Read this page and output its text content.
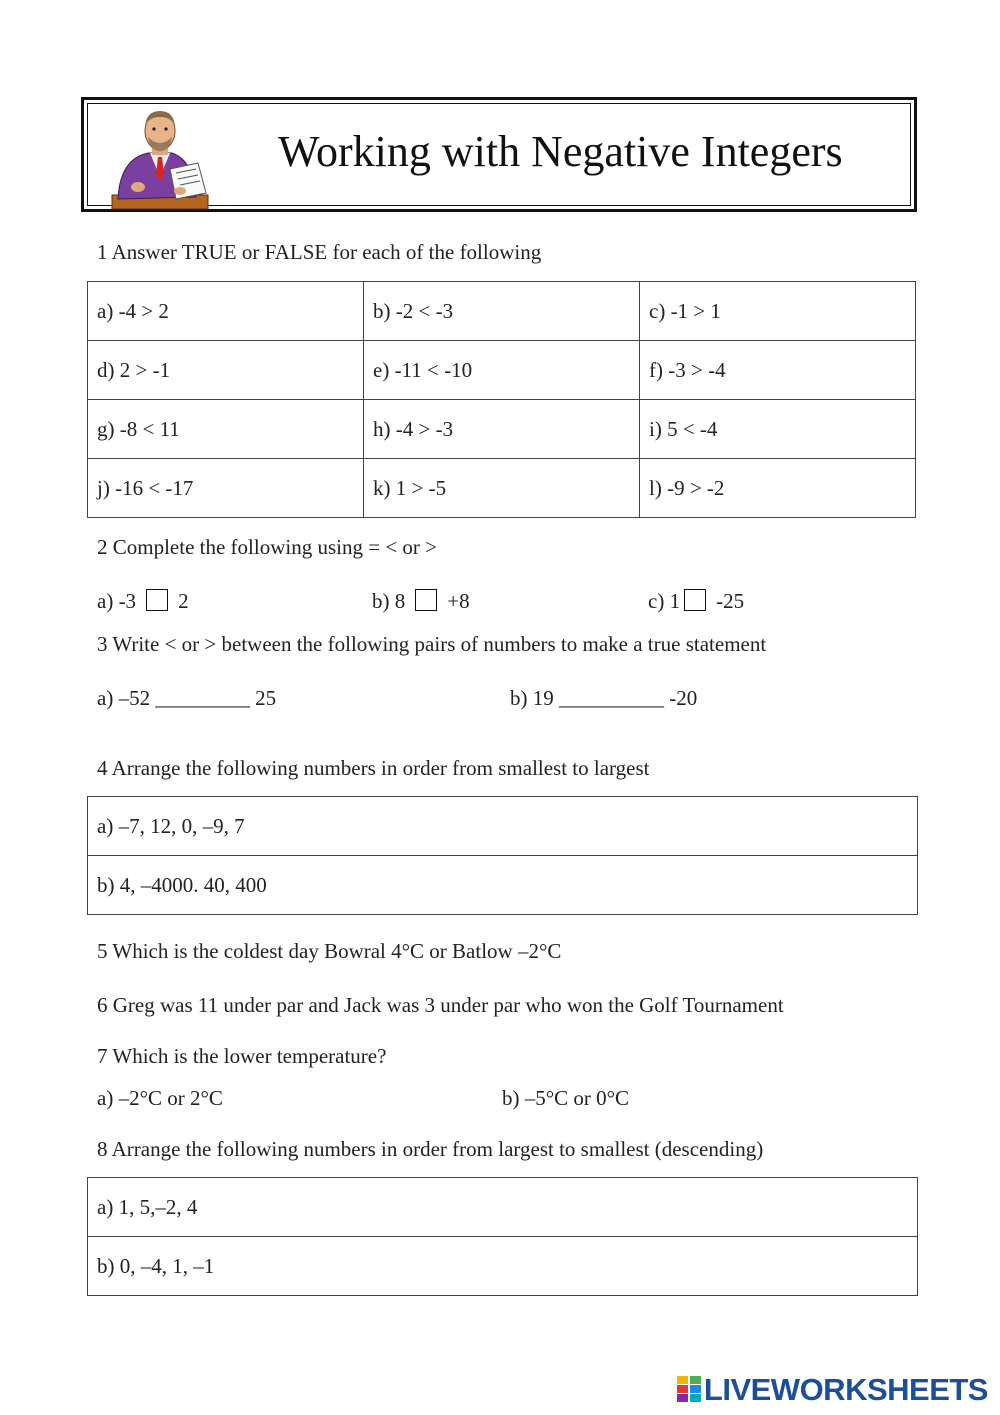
Working with Negative Integers
1 Answer TRUE or FALSE for each of the following
a) -4 > 2	b) -2 < -3	c) -1 > 1
d) 2 > -1	e) -11 < -10	f) -3 > -4
g) -8 < 11	h) -4 > -3	i) 5 < -4
j) -16 < -17	k) 1 > -5	l) -9 > -2
2 Complete the following using = < or >
a) -3 2	b) 8 +8	c) 1 -25
3 Write < or > between the following pairs of numbers to make a true statement
a) –52 _________ 25	b) 19 __________ -20
4 Arrange the following numbers in order from smallest to largest
a) –7, 12, 0, –9, 7
b) 4, –4000. 40, 400
5 Which is the coldest day Bowral 4°C or Batlow –2°C
6 Greg was 11 under par and Jack was 3 under par who won the Golf Tournament
7 Which is the lower temperature?
a) –2°C or 2°C	b) –5°C or 0°C
8 Arrange the following numbers in order from largest to smallest (descending)
a) 1, 5,–2, 4
b) 0, –4, 1, –1
LIVEWORKSHEETS
